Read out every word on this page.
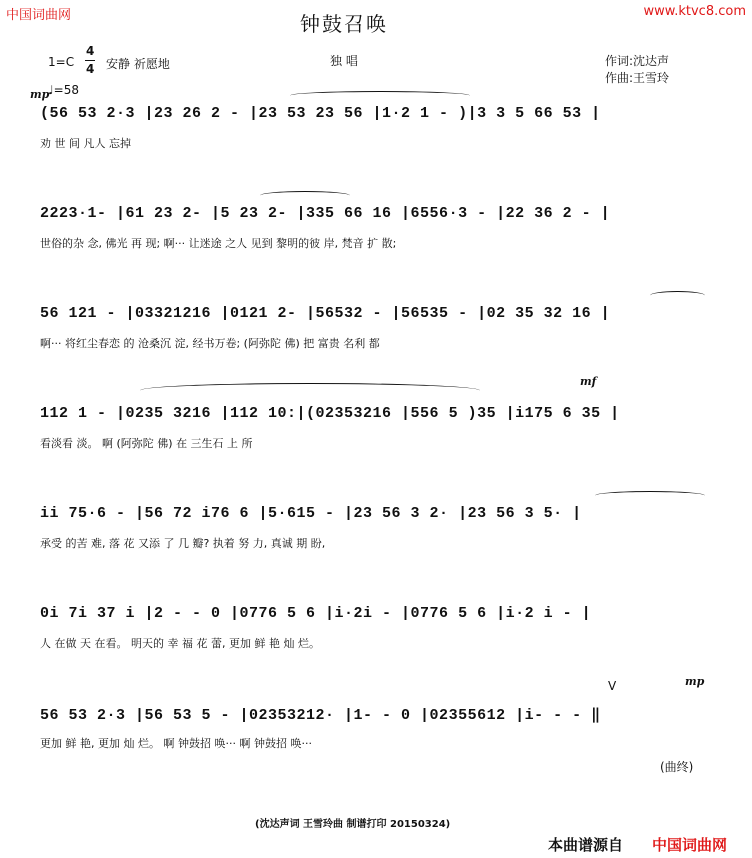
中国词曲网	www.ktvc8.com
钟鼓召唤
1=C
4
4 安静 祈愿地	独 唱	作词:沈达声
作曲:王雪玲
mp
♩=58
(56 53 2·3 |23 26 2 - |23 53 23 56 |1·2 1 - )|3 3 5 66 53 |
劝 世 间 凡人 忘掉
2223·1- |61 23 2- |5 23 2- |335 66 16 |6556·3 - |22 36 2 - |
世俗的杂 念, 佛光 再 现; 啊··· 让迷途 之人 见到 黎明的彼 岸, 梵音 扩 散;
56 121 - |03321216 |0121 2- |56532 - |56535 - |02 35 32 16 |
啊··· 将红尘春恋 的 沧桑沉 淀, 经书万卷; (阿弥陀 佛) 把 富贵 名利 都
112 1 - |0235 3216 |112 10:|(02353216 |556 5 )35 |i175 6 35 |
看淡看 淡。 啊 (阿弥陀 佛) 在 三生石 上 所
mf
ii 75·6 - |56 72 i76 6 |5·615 - |23 56 3 2· |23 56 3 5· |
承受 的苦 难, 落 花 又添 了 几 瓣? 执着 努 力, 真诚 期 盼,
0i 7i 37 i |2 - - 0 |0776 5 6 |i·2i - |0776 5 6 |i·2 i - |
人 在做 天 在看。 明天的 幸 福 花 蕾, 更加 鲜 艳 灿 烂。
56 53 2·3 |56 53 5 - |02353212· |1- - 0 |02355612 |i- - - ‖
更加 鲜 艳, 更加 灿 烂。 啊 钟鼓招 唤··· 啊 钟鼓招 唤···
mp
V
(曲终)
(沈达声词 王雪玲曲 制谱打印 20150324)
本曲谱源自 中国词曲网
